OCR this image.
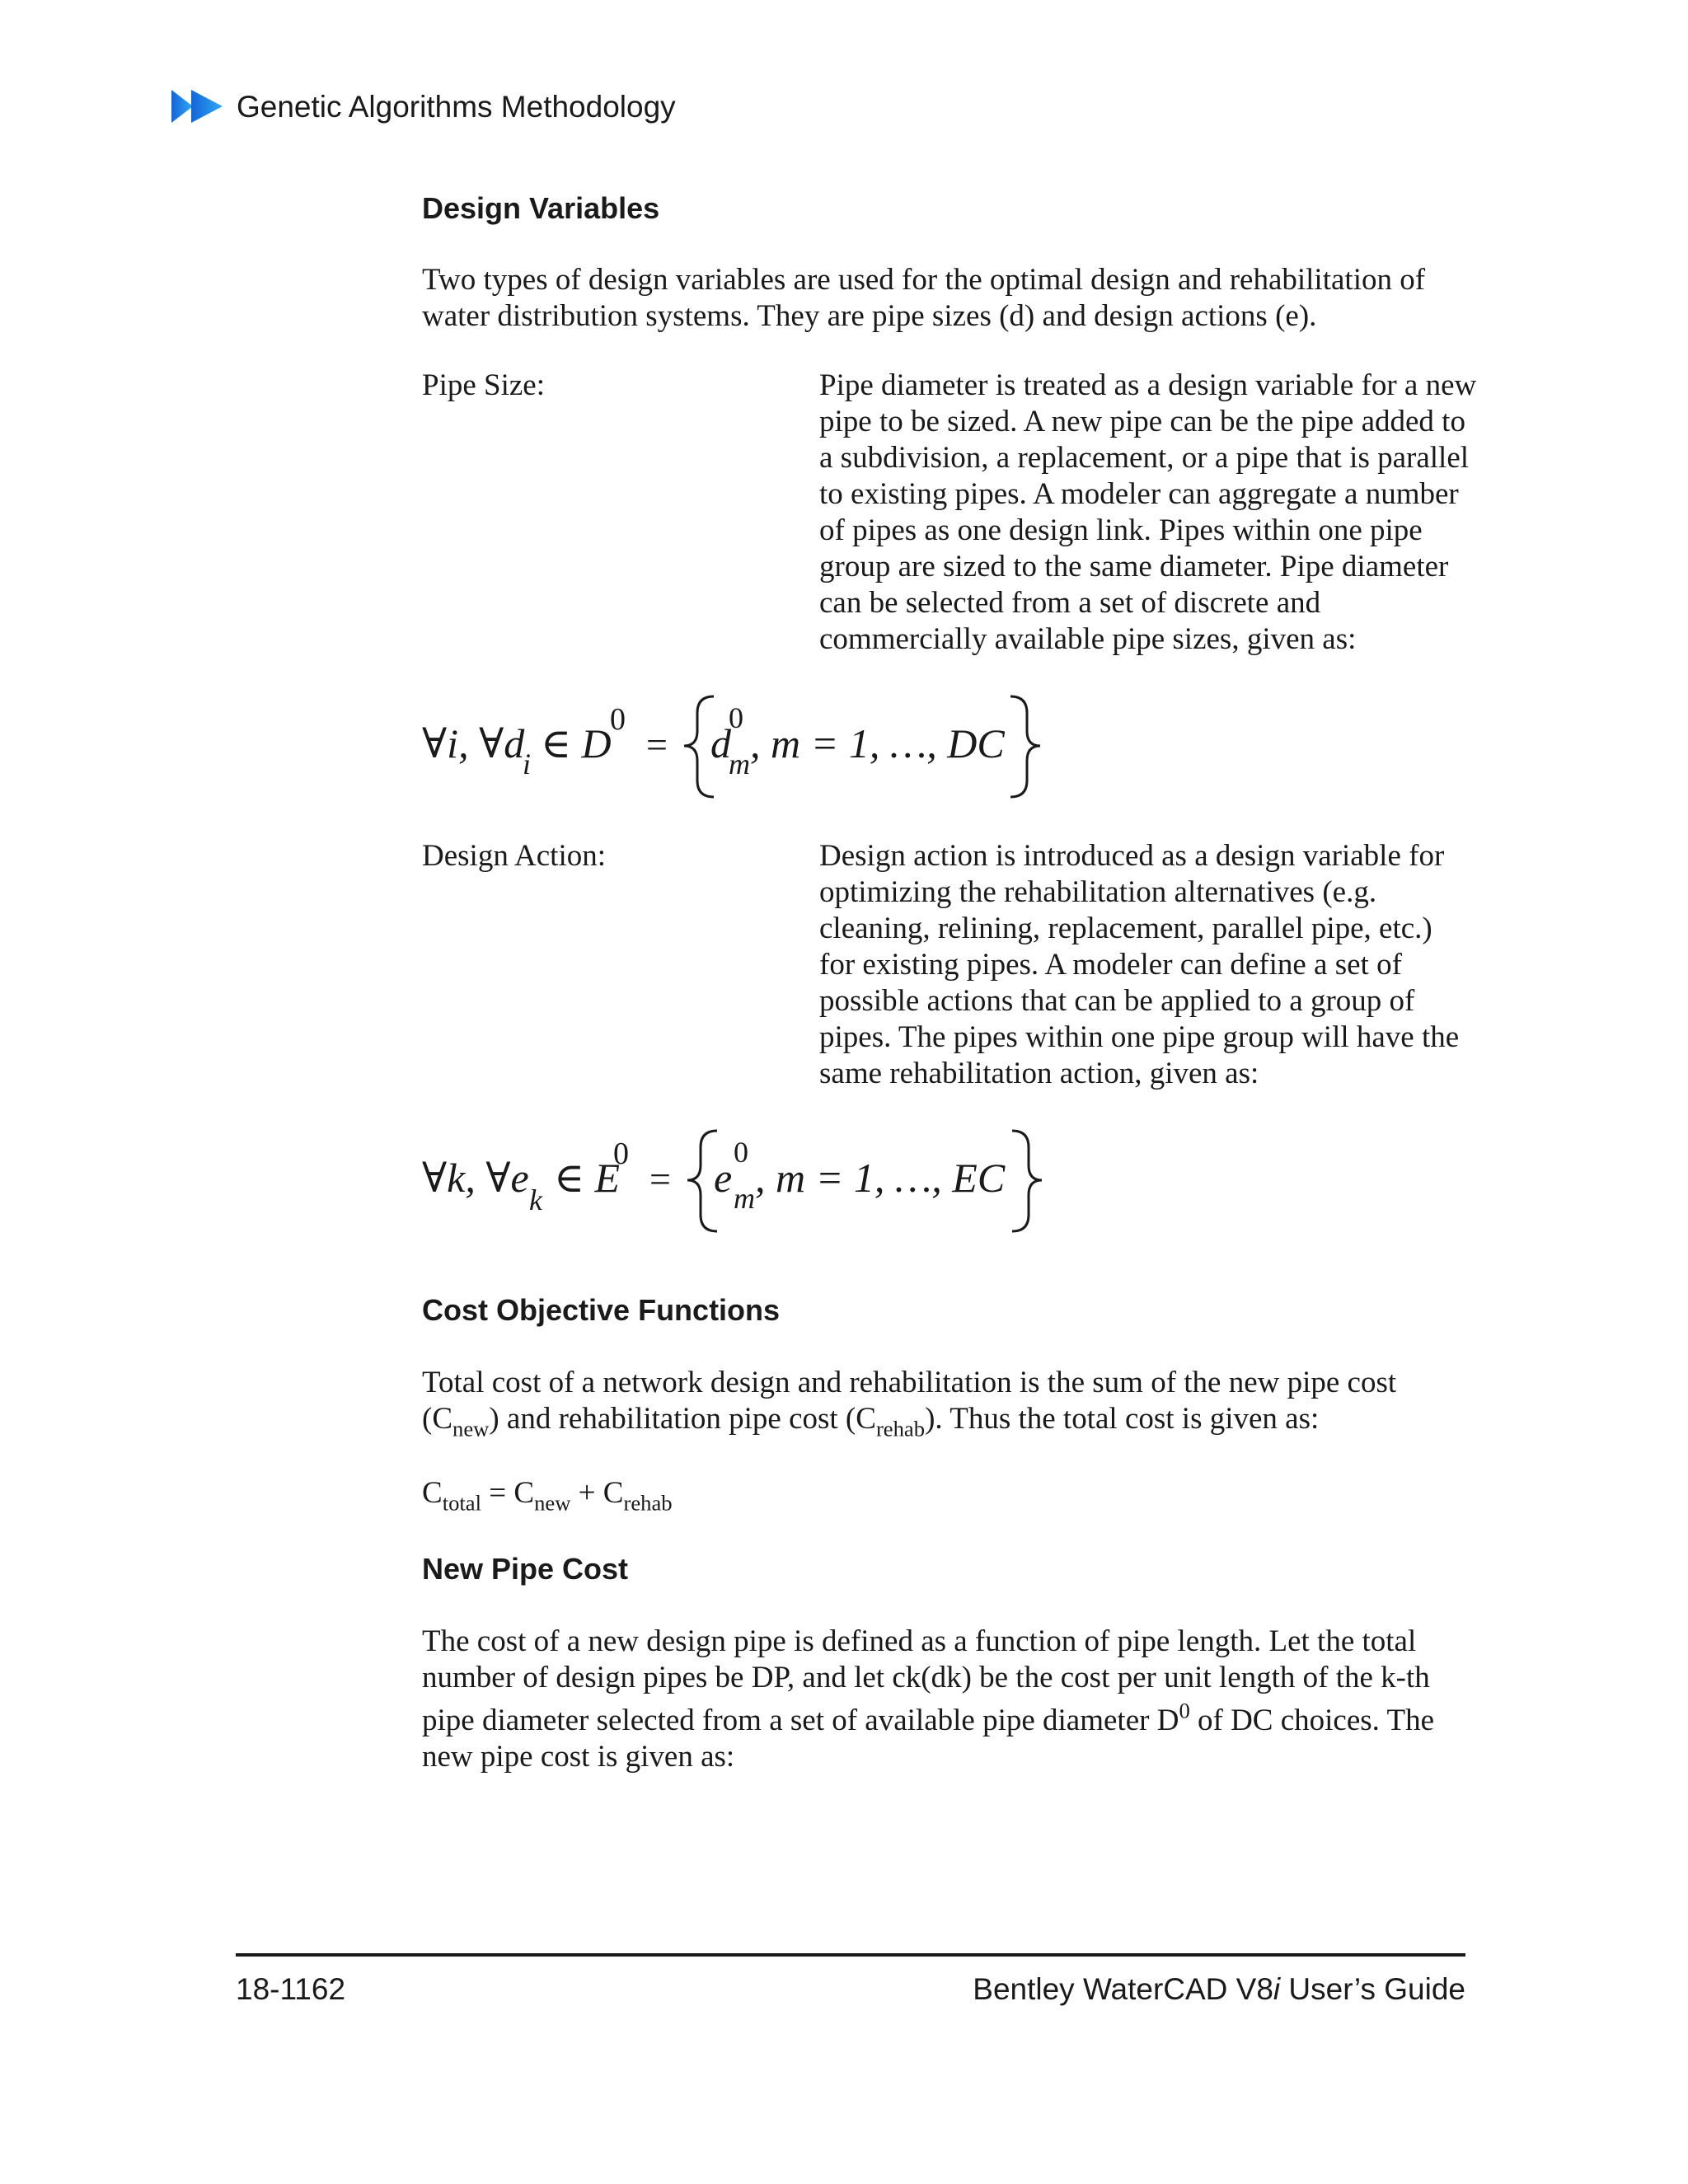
Genetic Algorithms Methodology
Design Variables
Two types of design variables are used for the optimal design and rehabilitation of
water distribution systems. They are pipe sizes (d) and design actions (e).
Pipe Size:	Pipe diameter is treated as a design variable for a new
pipe to be sized. A new pipe can be the pipe added to
a subdivision, a replacement, or a pipe that is parallel
to existing pipes. A modeler can aggregate a number
of pipes as one design link. Pipes within one pipe
group are sized to the same diameter. Pipe diameter
can be selected from a set of discrete and
commercially available pipe sizes, given as:
∀i, ∀d
i ∈ D
0
= d
0
m , m = 1, …, DC
Design Action:	Design action is introduced as a design variable for
optimizing the rehabilitation alternatives (e.g.
cleaning, relining, replacement, parallel pipe, etc.)
for existing pipes. A modeler can define a set of
possible actions that can be applied to a group of
pipes. The pipes within one pipe group will have the
same rehabilitation action, given as:
∀k, ∀e k ∈ E
0
= e
0
m , m = 1, …, EC
Cost Objective Functions
Total cost of a network design and rehabilitation is the sum of the new pipe cost
$(C_{new})$ and rehabilitation pipe cost $(C_{rehab})$. Thus the total cost is given as:
$C_{total} = C_{new} + C_{rehab}$
New Pipe Cost
The cost of a new design pipe is defined as a function of pipe length. Let the total
number of design pipes be DP, and let ck(dk) be the cost per unit length of the k-th
pipe diameter selected from a set of available pipe diameter $D^0$ of DC choices. The
new pipe cost is given as:
18-1162	Bentley WaterCAD V8i User’s Guide
